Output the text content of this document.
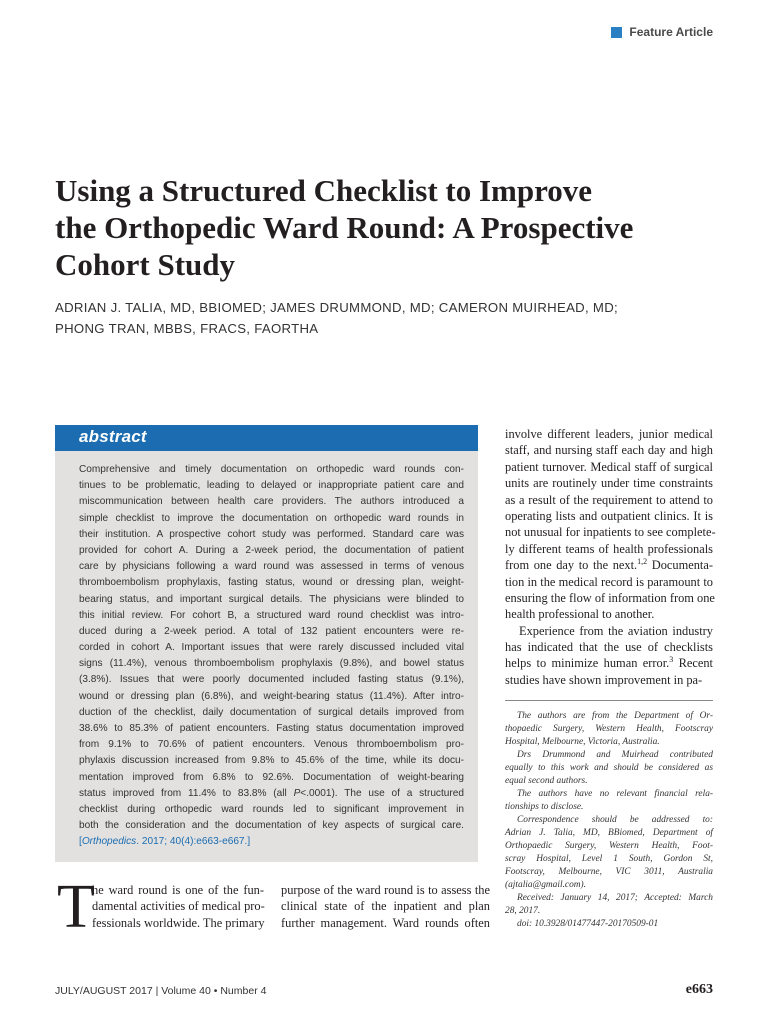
Feature Article
Using a Structured Checklist to Improve
the Orthopedic Ward Round: A Prospective
Cohort Study
ADRIAN J. TALIA, MD, BBIOMED; JAMES DRUMMOND, MD; CAMERON MUIRHEAD, MD;
PHONG TRAN, MBBS, FRACS, FAORTHA
abstract
Comprehensive and timely documentation on orthopedic ward rounds con-
tinues to be problematic, leading to delayed or inappropriate patient care and
miscommunication between health care providers. The authors introduced a
simple checklist to improve the documentation on orthopedic ward rounds in
their institution. A prospective cohort study was performed. Standard care was
provided for cohort A. During a 2-week period, the documentation of patient
care by physicians following a ward round was assessed in terms of venous
thromboembolism prophylaxis, fasting status, wound or dressing plan, weight-
bearing status, and important surgical details. The physicians were blinded to
this initial review. For cohort B, a structured ward round checklist was intro-
duced during a 2-week period. A total of 132 patient encounters were re-
corded in cohort A. Important issues that were rarely discussed included vital
signs (11.4%), venous thromboembolism prophylaxis (9.8%), and bowel status
(3.8%). Issues that were poorly documented included fasting status (9.1%),
wound or dressing plan (6.8%), and weight-bearing status (11.4%). After intro-
duction of the checklist, daily documentation of surgical details improved from
38.6% to 85.3% of patient encounters. Fasting status documentation improved
from 9.1% to 70.6% of patient encounters. Venous thromboembolism pro-
phylaxis discussion increased from 9.8% to 45.6% of the time, while its docu-
mentation improved from 6.8% to 92.6%. Documentation of weight-bearing
status improved from 11.4% to 83.8% (all P<.0001). The use of a structured
checklist during orthopedic ward rounds led to significant improvement in
both the consideration and the documentation of key aspects of surgical care.
[Orthopedics. 2017; 40(4):e663-e667.]
involve different leaders, junior medical
staff, and nursing staff each day and high
patient turnover. Medical staff of surgical
units are routinely under time constraints
as a result of the requirement to attend to
operating lists and outpatient clinics. It is
not unusual for inpatients to see complete-
ly different teams of health professionals
from one day to the next.$^{1,2}$ Documenta-
tion in the medical record is paramount to
ensuring the flow of information from one
health professional to another.
Experience from the aviation industry
has indicated that the use of checklists
helps to minimize human error.$^3$ Recent
studies have shown improvement in pa-
The authors are from the Department of Or-
thopaedic Surgery, Western Health, Footscray
Hospital, Melbourne, Victoria, Australia.
Drs Drummond and Muirhead contributed
equally to this work and should be considered as
equal second authors.
The authors have no relevant financial rela-
tionships to disclose.
Correspondence should be addressed to:
Adrian J. Talia, MD, BBiomed, Department of
Orthopaedic Surgery, Western Health, Foot-
scray Hospital, Level 1 South, Gordon St,
Footscray, Melbourne, VIC 3011, Australia
(ajtalia@gmail.com).
Received: January 14, 2017; Accepted: March
28, 2017.
doi: 10.3928/01477447-20170509-01
T
he ward round is one of the fun-
damental activities of medical pro-
fessionals worldwide. The primary
purpose of the ward round is to assess the
clinical state of the inpatient and plan
further management. Ward rounds often
JULY/AUGUST 2017 | Volume 40 • Number 4	e663
